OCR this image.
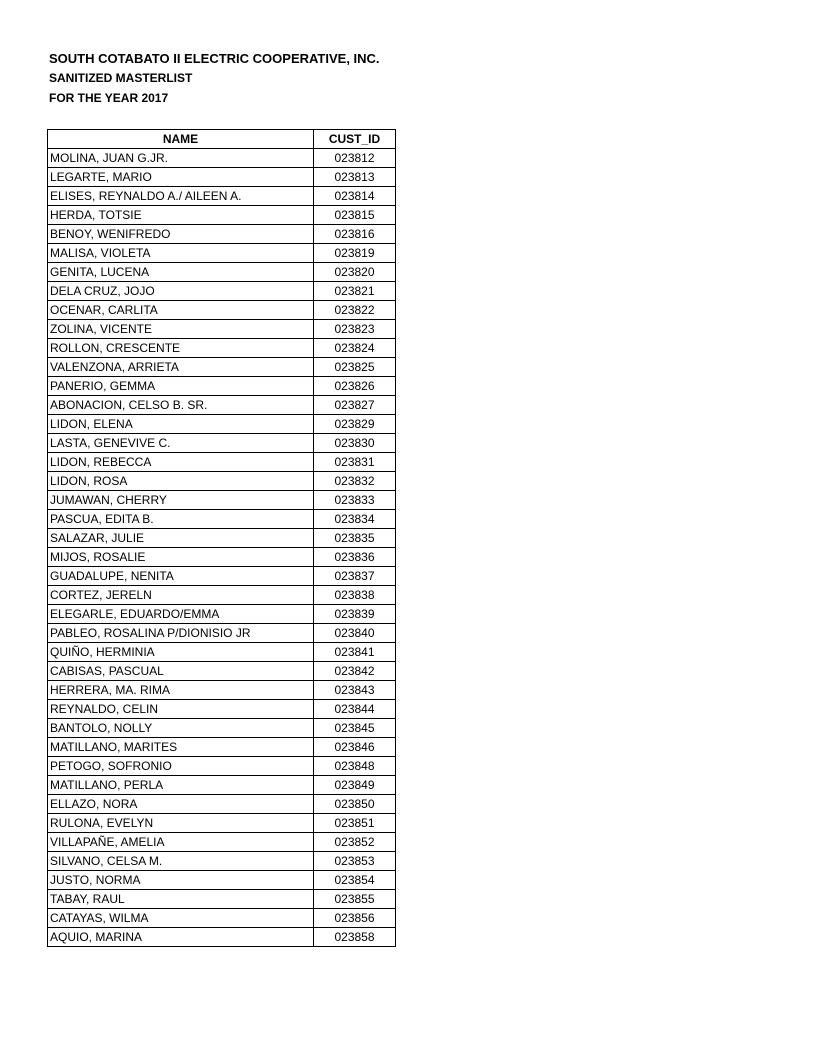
SOUTH COTABATO II ELECTRIC COOPERATIVE, INC.
SANITIZED MASTERLIST
FOR THE YEAR 2017
NAME	CUST_ID
MOLINA, JUAN G.JR.	023812
LEGARTE, MARIO	023813
ELISES, REYNALDO A./ AILEEN A.	023814
HERDA, TOTSIE	023815
BENOY, WENIFREDO	023816
MALISA, VIOLETA	023819
GENITA, LUCENA	023820
DELA CRUZ, JOJO	023821
OCENAR, CARLITA	023822
ZOLINA, VICENTE	023823
ROLLON, CRESCENTE	023824
VALENZONA, ARRIETA	023825
PANERIO, GEMMA	023826
ABONACION, CELSO B. SR.	023827
LIDON, ELENA	023829
LASTA, GENEVIVE C.	023830
LIDON, REBECCA	023831
LIDON, ROSA	023832
JUMAWAN, CHERRY	023833
PASCUA, EDITA B.	023834
SALAZAR, JULIE	023835
MIJOS, ROSALIE	023836
GUADALUPE, NENITA	023837
CORTEZ, JERELN	023838
ELEGARLE, EDUARDO/EMMA	023839
PABLEO, ROSALINA P/DIONISIO JR	023840
QUIÑO, HERMINIA	023841
CABISAS, PASCUAL	023842
HERRERA, MA. RIMA	023843
REYNALDO, CELIN	023844
BANTOLO, NOLLY	023845
MATILLANO, MARITES	023846
PETOGO, SOFRONIO	023848
MATILLANO, PERLA	023849
ELLAZO, NORA	023850
RULONA, EVELYN	023851
VILLAPAÑE, AMELIA	023852
SILVANO, CELSA M.	023853
JUSTO, NORMA	023854
TABAY, RAUL	023855
CATAYAS, WILMA	023856
AQUIO, MARINA	023858
